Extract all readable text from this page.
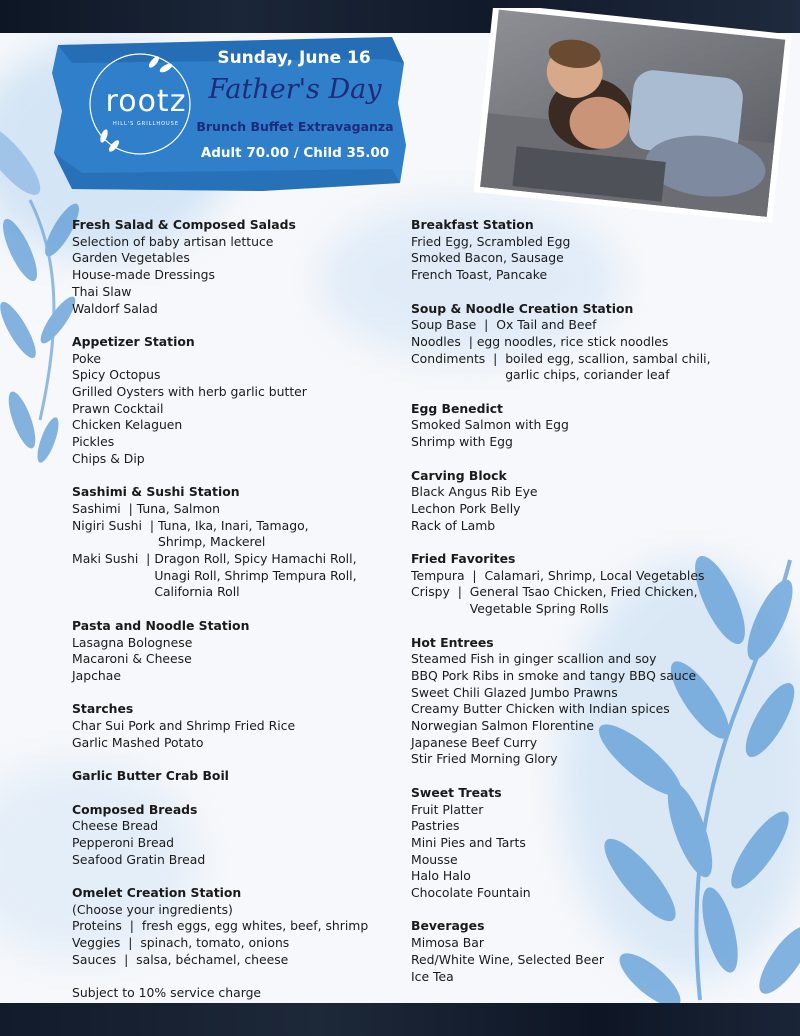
rootz
HILL'S GRILLHOUSE
Sunday, June 16
Father's Day
Brunch Buffet Extravaganza
Adult 70.00 / Child 35.00
Fresh Salad & Composed Salads
Selection of baby artisan lettuce
Garden Vegetables
House-made Dressings
Thai Slaw
Waldorf Salad
Appetizer Station
Poke
Spicy Octopus
Grilled Oysters with herb garlic butter
Prawn Cocktail
Chicken Kelaguen
Pickles
Chips & Dip
Sashimi & Sushi Station
Sashimi  | Tuna, Salmon
Nigiri Sushi  | Tuna, Ika, Inari, Tamago,
Shrimp, Mackerel
Maki Sushi  | Dragon Roll, Spicy Hamachi Roll,
Unagi Roll, Shrimp Tempura Roll,
California Roll
Pasta and Noodle Station
Lasagna Bolognese
Macaroni & Cheese
Japchae
Starches
Char Sui Pork and Shrimp Fried Rice
Garlic Mashed Potato
Garlic Butter Crab Boil
Composed Breads
Cheese Bread
Pepperoni Bread
Seafood Gratin Bread
Omelet Creation Station
(Choose your ingredients)
Proteins  | fresh eggs, egg whites, beef, shrimp
Veggies  | spinach, tomato, onions
Sauces  | salsa, béchamel, cheese
Subject to 10% service charge
Breakfast Station
Fried Egg, Scrambled Egg
Smoked Bacon, Sausage
French Toast, Pancake
Soup & Noodle Creation Station
Soup Base  | Ox Tail and Beef
Noodles  | egg noodles, rice stick noodles
Condiments  | boiled egg, scallion, sambal chili,
garlic chips, coriander leaf
Egg Benedict
Smoked Salmon with Egg
Shrimp with Egg
Carving Block
Black Angus Rib Eye
Lechon Pork Belly
Rack of Lamb
Fried Favorites
Tempura  | Calamari, Shrimp, Local Vegetables
Crispy  | General Tsao Chicken, Fried Chicken,
Vegetable Spring Rolls
Hot Entrees
Steamed Fish in ginger scallion and soy
BBQ Pork Ribs in smoke and tangy BBQ sauce
Sweet Chili Glazed Jumbo Prawns
Creamy Butter Chicken with Indian spices
Norwegian Salmon Florentine
Japanese Beef Curry
Stir Fried Morning Glory
Sweet Treats
Fruit Platter
Pastries
Mini Pies and Tarts
Mousse
Halo Halo
Chocolate Fountain
Beverages
Mimosa Bar
Red/White Wine, Selected Beer
Ice Tea
